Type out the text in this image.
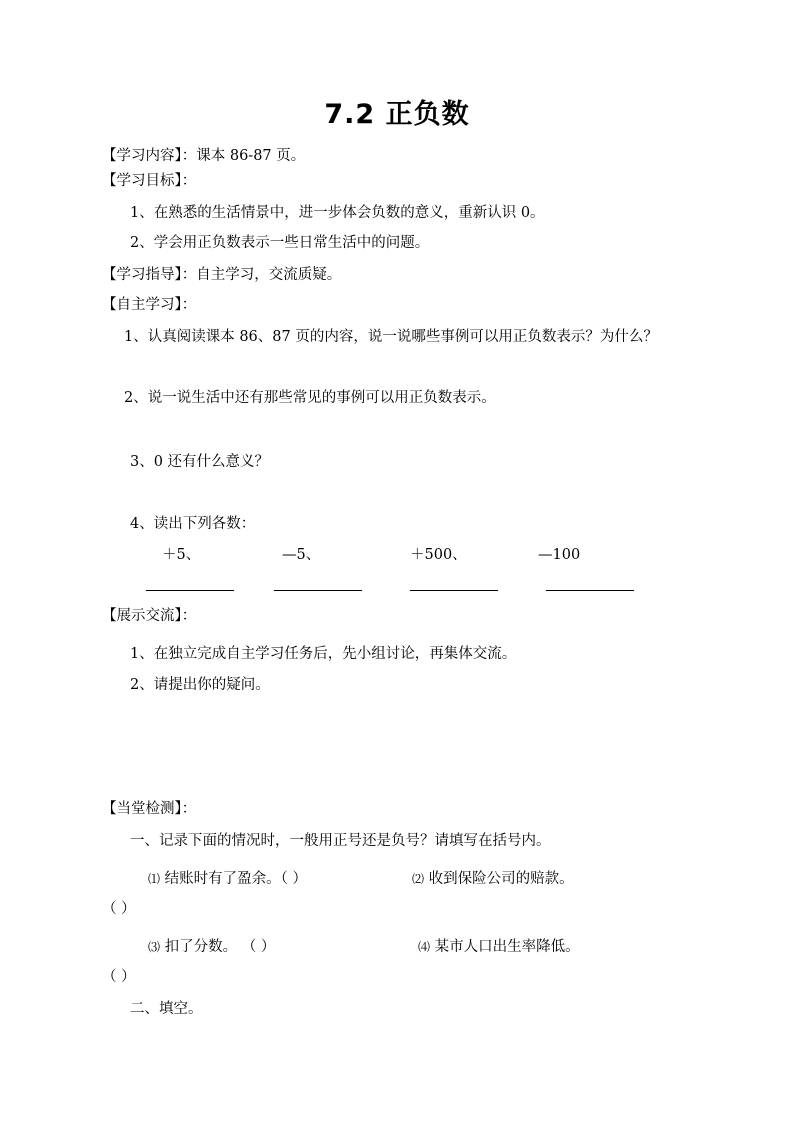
7.2 正负数
【学习内容】：课本 86-87 页。
【学习目标】：
1、在熟悉的生活情景中，进一步体会负数的意义，重新认识 0。
2、学会用正负数表示一些日常生活中的问题。
【学习指导】：自主学习，交流质疑。
【自主学习】：
1、认真阅读课本 86、87 页的内容，说一说哪些事例可以用正负数表示？为什么？
2、说一说生活中还有那些常见的事例可以用正负数表示。
3、0 还有什么意义？
4、读出下列各数：
＋5、	—5、	＋500、	—100
【展示交流】：
1、在独立完成自主学习任务后，先小组讨论，再集体交流。
2、请提出你的疑问。
【当堂检测】：
一、记录下面的情况时，一般用正号还是负号？请填写在括号内。
⑴ 结账时有了盈余。（ ）	⑵ 收到保险公司的赔款。
（ ）
⑶ 扣了分数。 （ ）	⑷ 某市人口出生率降低。
（ ）
二、填空。
